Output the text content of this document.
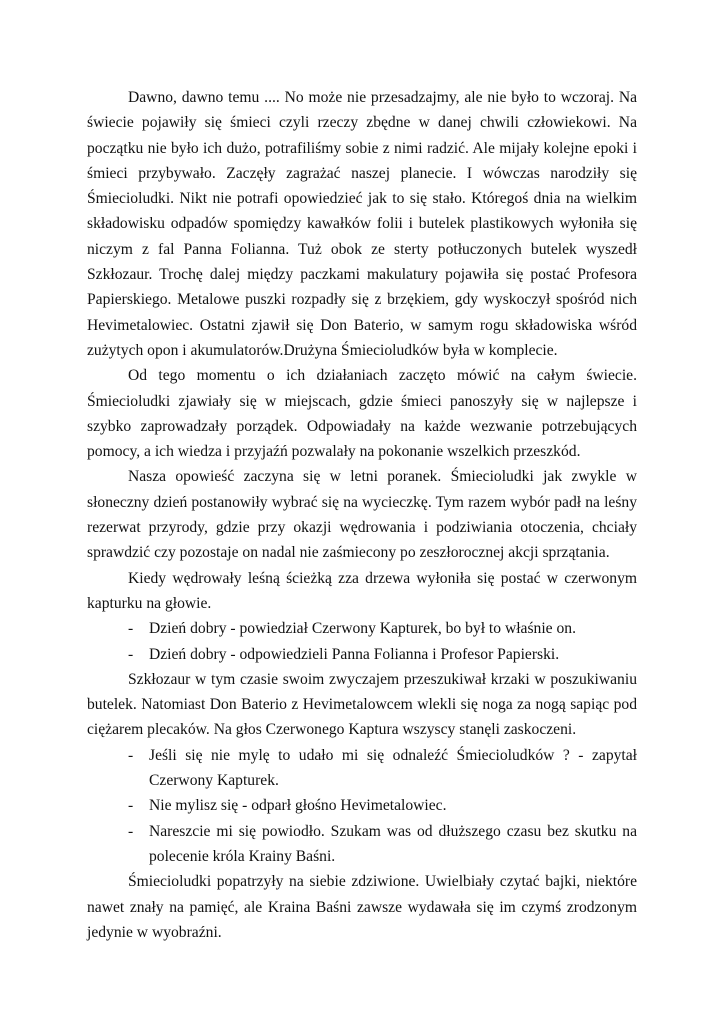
Dawno, dawno temu .... No może nie przesadzajmy, ale nie było to wczoraj. Na świecie pojawiły się śmieci czyli rzeczy zbędne w danej chwili człowiekowi. Na początku nie było ich dużo, potrafiliśmy sobie z nimi radzić. Ale mijały kolejne epoki i śmieci przybywało. Zaczęły zagrażać naszej planecie. I wówczas narodziły się Śmiecioludki. Nikt nie potrafi opowiedzieć jak to się stało. Któregoś dnia na wielkim składowisku odpadów spomiędzy kawałków folii i butelek plastikowych wyłoniła się niczym z fal Panna Folianna. Tuż obok ze sterty potłuczonych butelek wyszedł Szkłozaur. Trochę dalej między paczkami makulatury pojawiła się postać Profesora Papierskiego. Metalowe puszki rozpadły się z brzękiem, gdy wyskoczył spośród nich Hevimetalowiec. Ostatni zjawił się Don Baterio, w samym rogu składowiska wśród zużytych opon i akumulatorów.Drużyna Śmiecioludków była w komplecie.

Od tego momentu o ich działaniach zaczęto mówić na całym świecie. Śmiecioludki zjawiały się w miejscach, gdzie śmieci panoszyły się w najlepsze i szybko zaprowadzały porządek. Odpowiadały na każde wezwanie potrzebujących pomocy, a ich wiedza i przyjaźń pozwalały na pokonanie wszelkich przeszkód.

Nasza opowieść zaczyna się w letni poranek. Śmiecioludki jak zwykle w słoneczny dzień postanowiły wybrać się na wycieczkę. Tym razem wybór padł na leśny rezerwat przyrody, gdzie przy okazji wędrowania i podziwiania otoczenia, chciały sprawdzić czy pozostaje on nadal nie zaśmiecony po zeszłorocznej akcji sprzątania.

Kiedy wędrowały leśną ścieżką zza drzewa wyłoniła się postać w czerwonym kapturku na głowie.

- Dzień dobry - powiedział Czerwony Kapturek, bo był to właśnie on.
- Dzień dobry - odpowiedzieli Panna Folianna i Profesor Papierski.

Szkłozaur w tym czasie swoim zwyczajem przeszukiwał krzaki w poszukiwaniu butelek. Natomiast Don Baterio z Hevimetalowcem wlekli się noga za nogą sapiąc pod ciężarem plecaków. Na głos Czerwonego Kaptura wszyscy stanęli zaskoczeni.

- Jeśli się nie mylę to udało mi się odnaleźć Śmiecioludków ? - zapytał Czerwony Kapturek.
- Nie mylisz się - odparł głośno Hevimetalowiec.
- Nareszcie mi się powiodło. Szukam was od dłuższego czasu bez skutku na polecenie króla Krainy Baśni.

Śmiecioludki popatrzyły na siebie zdziwione. Uwielbiały czytać bajki, niektóre nawet znały na pamięć, ale Kraina Baśni zawsze wydawała się im czymś zrodzonym jedynie w wyobraźni.
